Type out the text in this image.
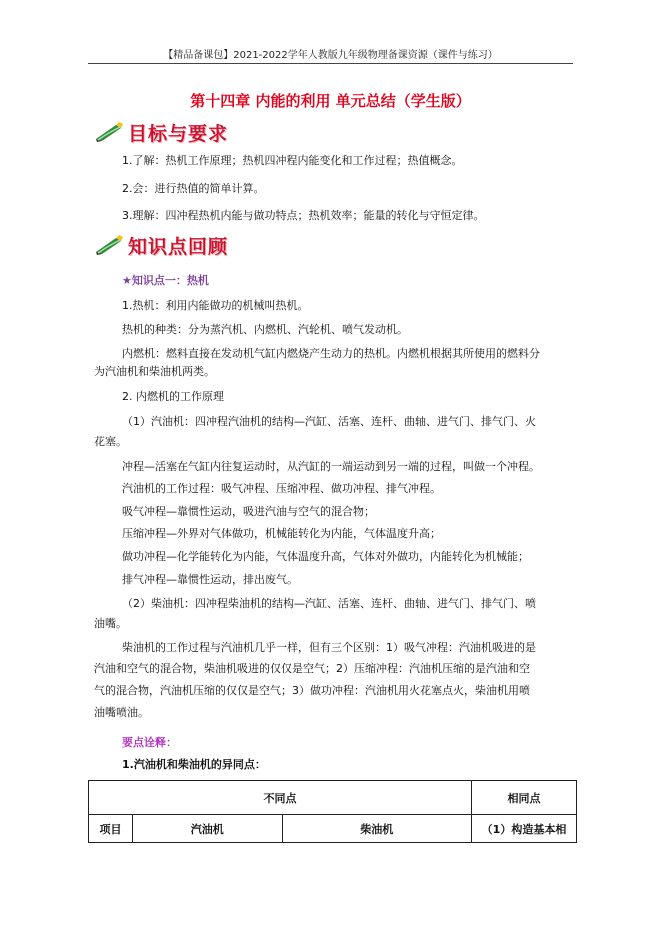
【精品备课包】2021-2022学年人教版九年级物理备课资源（课件与练习）
第十四章 内能的利用 单元总结（学生版）
目标与要求
1.了解：热机工作原理；热机四冲程内能变化和工作过程；热值概念。
2.会：进行热值的简单计算。
3.理解：四冲程热机内能与做功特点；热机效率；能量的转化与守恒定律。
知识点回顾
★知识点一：热机
1.热机：利用内能做功的机械叫热机。
热机的种类：分为蒸汽机、内燃机、汽轮机、喷气发动机。
内燃机：燃料直接在发动机气缸内燃烧产生动力的热机。内燃机根据其所使用的燃料分
为汽油机和柴油机两类。
2. 内燃机的工作原理
（1）汽油机：四冲程汽油机的结构—汽缸、活塞、连杆、曲轴、进气门、排气门、火
花塞。
冲程—活塞在气缸内往复运动时，从汽缸的一端运动到另一端的过程，叫做一个冲程。
汽油机的工作过程：吸气冲程、压缩冲程、做功冲程、排气冲程。
吸气冲程—靠惯性运动，吸进汽油与空气的混合物；
压缩冲程—外界对气体做功，机械能转化为内能，气体温度升高；
做功冲程—化学能转化为内能，气体温度升高，气体对外做功，内能转化为机械能；
排气冲程—靠惯性运动，排出废气。
（2）柴油机：四冲程柴油机的结构—汽缸、活塞、连杆、曲轴、进气门、排气门、喷
油嘴。
柴油机的工作过程与汽油机几乎一样，但有三个区别：1）吸气冲程：汽油机吸进的是
汽油和空气的混合物，柴油机吸进的仅仅是空气；2）压缩冲程：汽油机压缩的是汽油和空
气的混合物，汽油机压缩的仅仅是空气；3）做功冲程：汽油机用火花塞点火，柴油机用喷
油嘴喷油。
要点诠释：
1.汽油机和柴油机的异同点：
不同点			相同点
项目	汽油机	柴油机	（1）构造基本相
